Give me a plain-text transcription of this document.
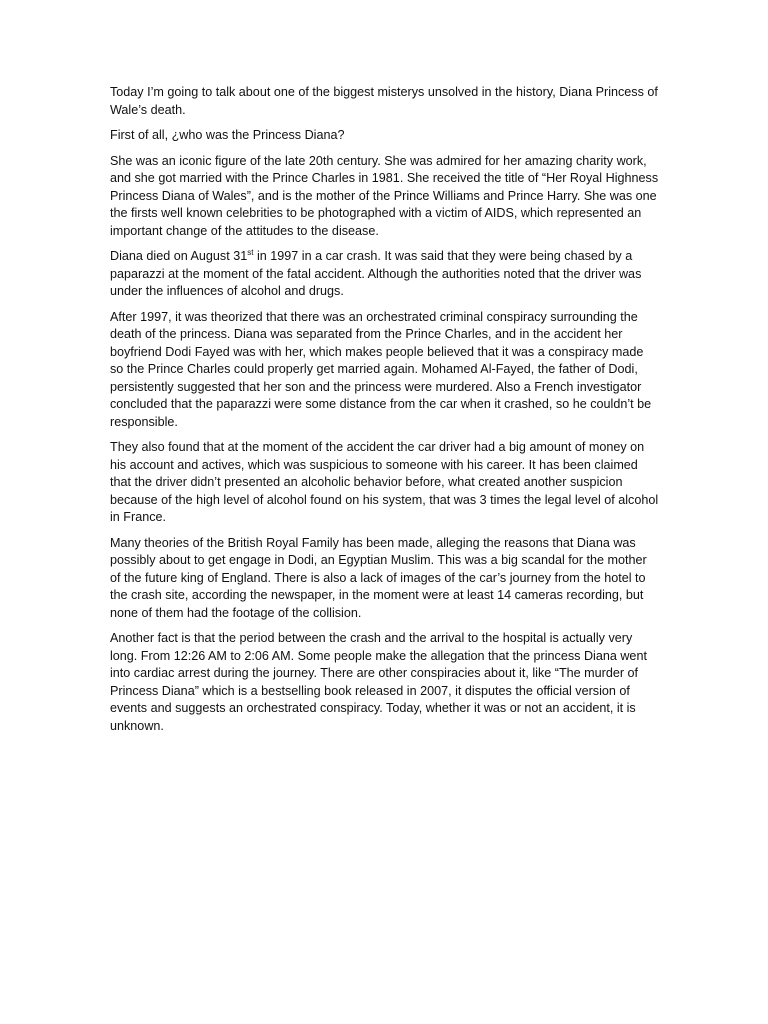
Today I’m going to talk about one of the biggest misterys unsolved in the history, Diana Princess of Wale’s death.

First of all, ¿who was the Princess Diana?

She was an iconic figure of the late 20th century. She was admired for her amazing charity work, and she got married with the Prince Charles in 1981. She received the title of “Her Royal Highness Princess Diana of Wales”, and is the mother of the Prince Williams and Prince Harry. She was one the firsts well known celebrities to be photographed with a victim of AIDS, which represented an important change of the attitudes to the disease.

Diana died on August 31st in 1997 in a car crash. It was said that they were being chased by a paparazzi at the moment of the fatal accident. Although the authorities noted that the driver was under the influences of alcohol and drugs.

After 1997, it was theorized that there was an orchestrated criminal conspiracy surrounding the death of the princess. Diana was separated from the Prince Charles, and in the accident her boyfriend Dodi Fayed was with her, which makes people believed that it was a conspiracy made so the Prince Charles could properly get married again. Mohamed Al-Fayed, the father of Dodi, persistently suggested that her son and the princess were murdered. Also a French investigator concluded that the paparazzi were some distance from the car when it crashed, so he couldn’t be responsible.

They also found that at the moment of the accident the car driver had a big amount of money on his account and actives, which was suspicious to someone with his career. It has been claimed that the driver didn’t presented an alcoholic behavior before, what created another suspicion because of the high level of alcohol found on his system, that was 3 times the legal level of alcohol in France.

Many theories of the British Royal Family has been made, alleging the reasons that Diana was possibly about to get engage in Dodi, an Egyptian Muslim. This was a big scandal for the mother of the future king of England. There is also a lack of images of the car’s journey from the hotel to the crash site, according the newspaper, in the moment were at least 14 cameras recording, but none of them had the footage of the collision.

Another fact is that the period between the crash and the arrival to the hospital is actually very long. From 12:26 AM to 2:06 AM. Some people make the allegation that the princess Diana went into cardiac arrest during the journey. There are other conspiracies about it, like “The murder of Princess Diana” which is a bestselling book released in 2007, it disputes the official version of events and suggests an orchestrated conspiracy. Today, whether it was or not an accident, it is unknown.
